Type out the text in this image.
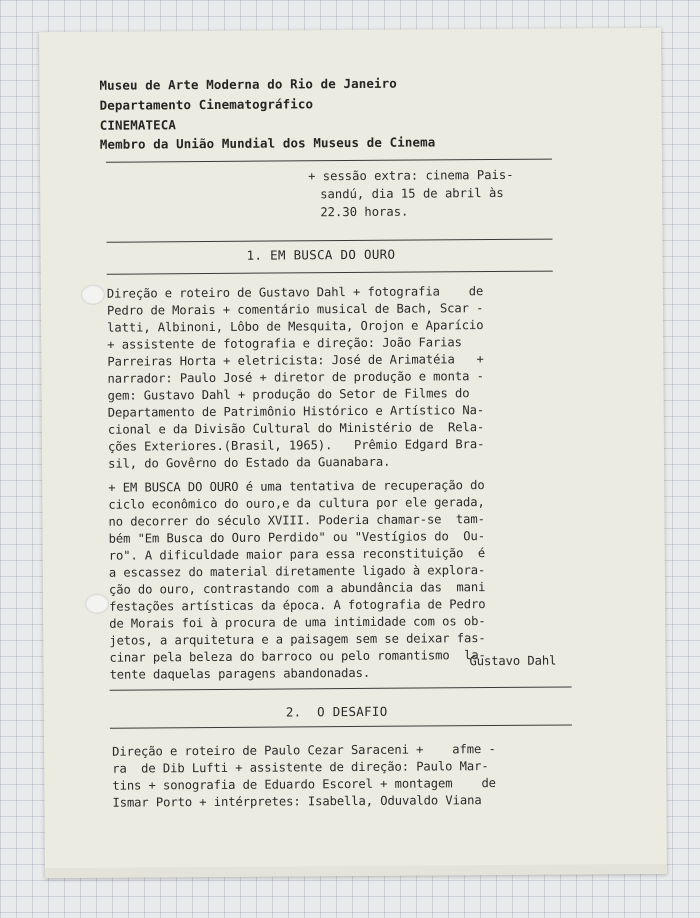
Museu de Arte Moderna do Rio de Janeiro
Departamento Cinematográfico
CINEMATECA
Membro da União Mundial dos Museus de Cinema
+ sessão extra: cinema Pais-
sandú, dia 15 de abril às
22.30 horas.
1. EM BUSCA DO OURO
Direção e roteiro de Gustavo Dahl + fotografia    de
Pedro de Morais + comentário musical de Bach, Scar -
latti, Albinoni, Lôbo de Mesquita, Orojon e Aparício
+ assistente de fotografia e direção: João Farias
Parreiras Horta + eletricista: José de Arimatéia   +
narrador: Paulo José + diretor de produção e monta -
gem: Gustavo Dahl + produção do Setor de Filmes do
Departamento de Patrimônio Histórico e Artístico Na-
cional e da Divisão Cultural do Ministério de  Rela-
ções Exteriores.(Brasil, 1965).   Prêmio Edgard Bra-
sil, do Govêrno do Estado da Guanabara.
+ EM BUSCA DO OURO é uma tentativa de recuperação do
ciclo econômico do ouro,e da cultura por ele gerada,
no decorrer do século XVIII. Poderia chamar-se  tam-
bém "Em Busca do Ouro Perdido" ou "Vestígios do  Ou-
ro". A dificuldade maior para essa reconstituição  é
a escassez do material diretamente ligado à explora-
ção do ouro, contrastando com a abundância das  mani
festações artísticas da época. A fotografia de Pedro
de Morais foi à procura de uma intimidade com os ob-
jetos, a arquitetura e a paisagem sem se deixar fas-
cinar pela beleza do barroco ou pelo romantismo  la-
tente daquelas paragens abandonadas.
Gustavo Dahl
2.  O DESAFIO
Direção e roteiro de Paulo Cezar Saraceni +    afme -
ra  de Dib Lufti + assistente de direção: Paulo Mar-
tins + sonografia de Eduardo Escorel + montagem    de
Ismar Porto + intérpretes: Isabella, Oduvaldo Viana
